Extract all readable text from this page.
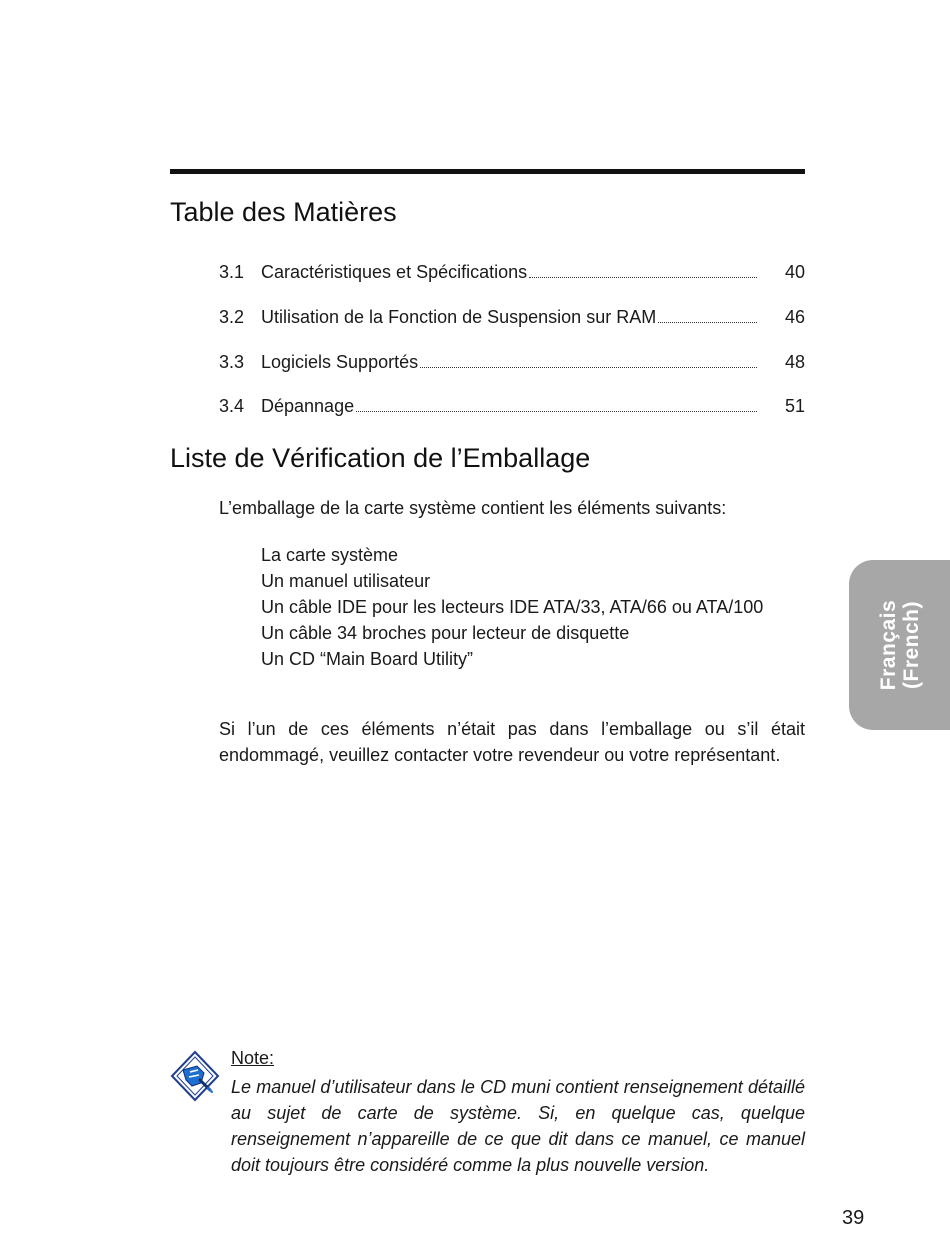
Table des Matières
3.1 Caractéristiques et Spécifications	40
3.2 Utilisation de la Fonction de Suspension sur RAM	46
3.3 Logiciels Supportés	48
3.4 Dépannage	51
Liste de Vérification de l’Emballage
L’emballage de la carte système contient les éléments suivants:
La carte système
Un manuel utilisateur
Un câble IDE pour les lecteurs IDE ATA/33, ATA/66 ou ATA/100
Un câble 34 broches pour lecteur de disquette
Un CD “Main Board Utility”

Si l’un de ces éléments n’était pas dans l’emballage ou s’il était endommagé, veuillez contacter votre revendeur ou votre représentant.

Français (French)
Note:

Le manuel d’utilisateur dans le CD muni contient renseignement détaillé au sujet de carte de système. Si, en quelque cas, quelque renseignement n’appareille de ce que dit dans ce manuel, ce manuel doit toujours être considéré comme la plus nouvelle version.

39
